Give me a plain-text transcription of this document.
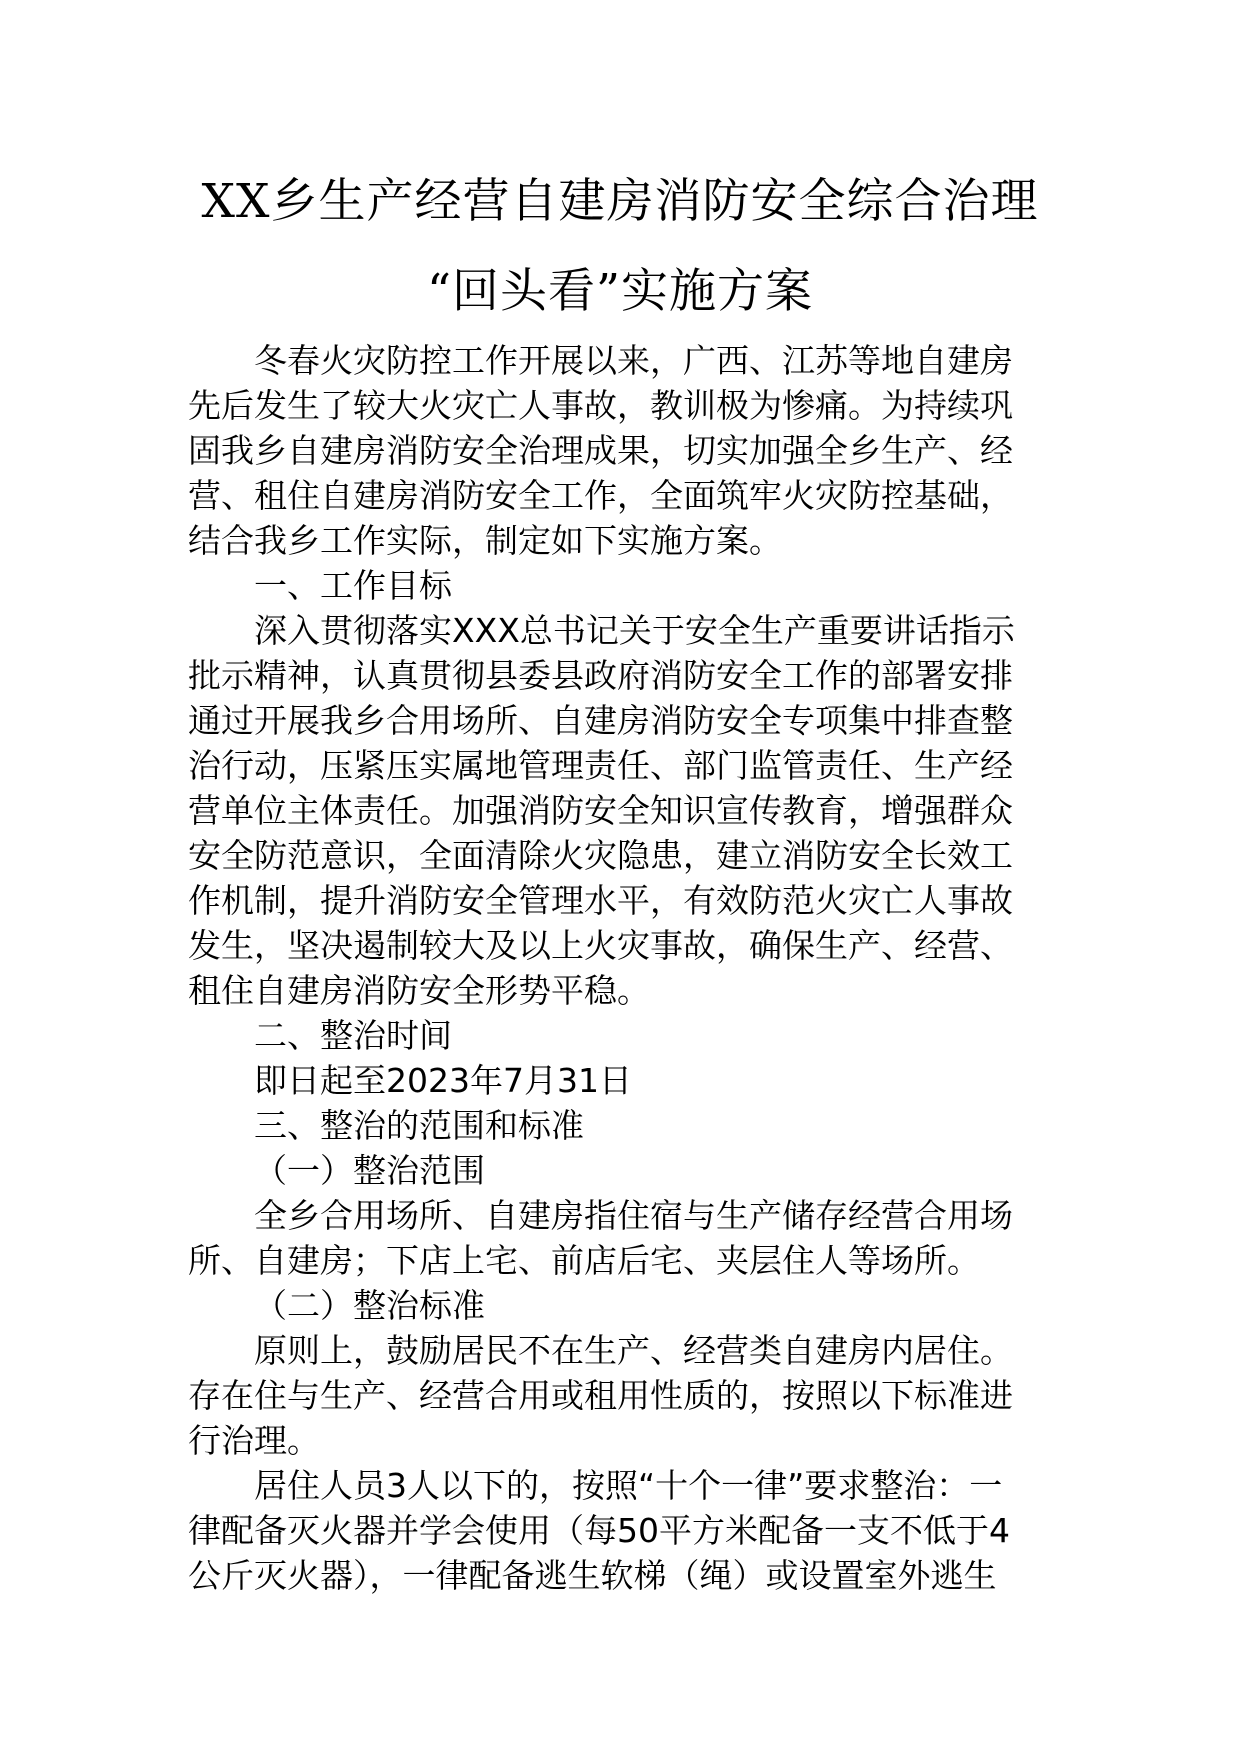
XX乡生产经营自建房消防安全综合治理
“回头看”实施方案
冬春火灾防控工作开展以来，广西、江苏等地自建房
先后发生了较大火灾亡人事故，教训极为惨痛。为持续巩
固我乡自建房消防安全治理成果，切实加强全乡生产、经
营、租住自建房消防安全工作，全面筑牢火灾防控基础，
结合我乡工作实际，制定如下实施方案。
一、工作目标
深入贯彻落实XXX总书记关于安全生产重要讲话指示
批示精神，认真贯彻县委县政府消防安全工作的部署安排
通过开展我乡合用场所、自建房消防安全专项集中排查整
治行动，压紧压实属地管理责任、部门监管责任、生产经
营单位主体责任。加强消防安全知识宣传教育，增强群众
安全防范意识，全面清除火灾隐患，建立消防安全长效工
作机制，提升消防安全管理水平，有效防范火灾亡人事故
发生，坚决遏制较大及以上火灾事故，确保生产、经营、
租住自建房消防安全形势平稳。
二、整治时间
即日起至2023年7月31日
三、整治的范围和标准
（一）整治范围
全乡合用场所、自建房指住宿与生产储存经营合用场
所、自建房；下店上宅、前店后宅、夹层住人等场所。
（二）整治标准
原则上，鼓励居民不在生产、经营类自建房内居住。
存在住与生产、经营合用或租用性质的，按照以下标准进
行治理。
居住人员3人以下的，按照“十个一律”要求整治：一
律配备灭火器并学会使用（每50平方米配备一支不低于4
公斤灭火器），一律配备逃生软梯（绳）或设置室外逃生
